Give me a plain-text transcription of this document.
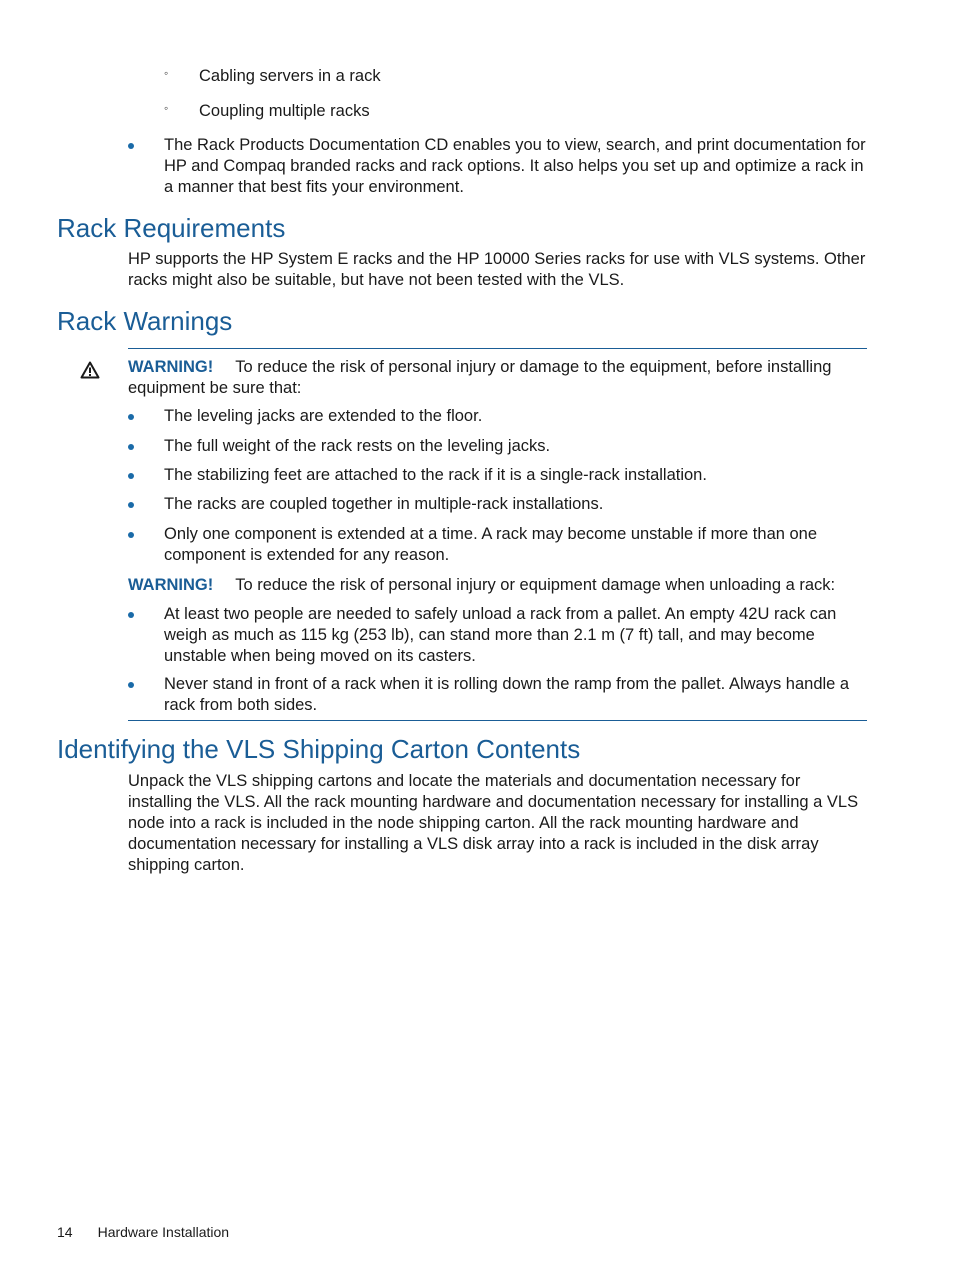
◦ Cabling servers in a rack
◦ Coupling multiple racks
The Rack Products Documentation CD enables you to view, search, and print documentation for HP and Compaq branded racks and rack options. It also helps you set up and optimize a rack in a manner that best fits your environment.
Rack Requirements
HP supports the HP System E racks and the HP 10000 Series racks for use with VLS systems. Other racks might also be suitable, but have not been tested with the VLS.
Rack Warnings
WARNING! To reduce the risk of personal injury or damage to the equipment, before installing equipment be sure that:
The leveling jacks are extended to the floor.
The full weight of the rack rests on the leveling jacks.
The stabilizing feet are attached to the rack if it is a single-rack installation.
The racks are coupled together in multiple-rack installations.
Only one component is extended at a time. A rack may become unstable if more than one component is extended for any reason.
WARNING! To reduce the risk of personal injury or equipment damage when unloading a rack:
At least two people are needed to safely unload a rack from a pallet. An empty 42U rack can weigh as much as 115 kg (253 lb), can stand more than 2.1 m (7 ft) tall, and may become unstable when being moved on its casters.
Never stand in front of a rack when it is rolling down the ramp from the pallet. Always handle a rack from both sides.
Identifying the VLS Shipping Carton Contents
Unpack the VLS shipping cartons and locate the materials and documentation necessary for installing the VLS. All the rack mounting hardware and documentation necessary for installing a VLS node into a rack is included in the node shipping carton. All the rack mounting hardware and documentation necessary for installing a VLS disk array into a rack is included in the disk array shipping carton.
14 Hardware Installation
